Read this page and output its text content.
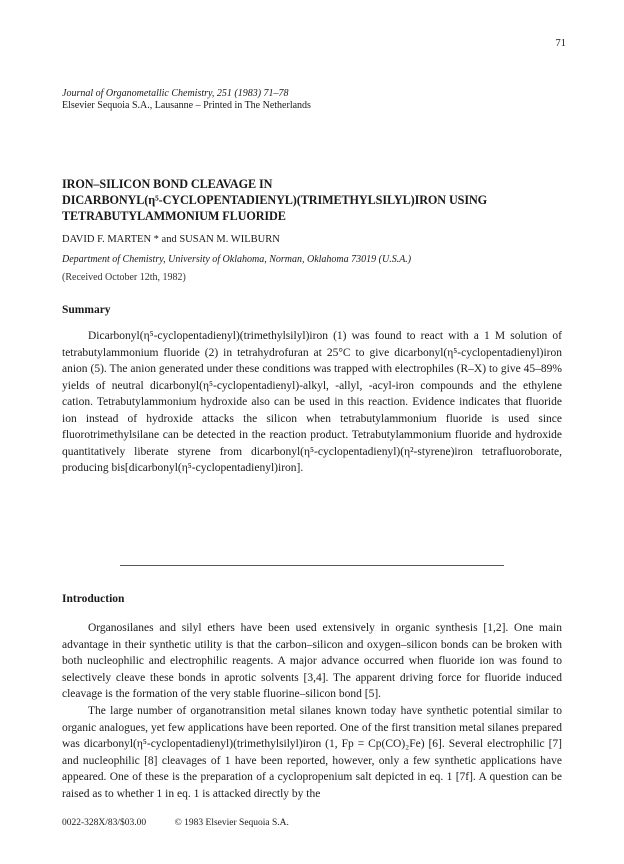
71
Journal of Organometallic Chemistry, 251 (1983) 71–78
Elsevier Sequoia S.A., Lausanne – Printed in The Netherlands
IRON–SILICON BOND CLEAVAGE IN
DICARBONYL(η⁵-CYCLOPENTADIENYL)(TRIMETHYLSILYL)IRON USING
TETRABUTYLAMMONIUM FLUORIDE
DAVID F. MARTEN * and SUSAN M. WILBURN
Department of Chemistry, University of Oklahoma, Norman, Oklahoma 73019 (U.S.A.)
(Received October 12th, 1982)
Summary

Dicarbonyl(η⁵-cyclopentadienyl)(trimethylsilyl)iron (1) was found to react with a 1 M solution of tetrabutylammonium fluoride (2) in tetrahydrofuran at 25°C to give dicarbonyl(η⁵-cyclopentadienyl)iron anion (5). The anion generated under these conditions was trapped with electrophiles (R–X) to give 45–89% yields of neutral dicarbonyl(η⁵-cyclopentadienyl)-alkyl, -allyl, -acyl-iron compounds and the ethylene cation. Tetrabutylammonium hydroxide also can be used in this reaction. Evidence indicates that fluoride ion instead of hydroxide attacks the silicon when tetrabutylammonium fluoride is used since fluorotrimethylsilane can be detected in the reaction product. Tetrabutylammonium fluoride and hydroxide quantitatively liberate styrene from dicarbonyl(η⁵-cyclopentadienyl)(η²-styrene)iron tetrafluoroborate, producing bis[dicarbonyl(η⁵-cyclopentadienyl)iron].

Introduction

Organosilanes and silyl ethers have been used extensively in organic synthesis [1,2]. One main advantage in their synthetic utility is that the carbon–silicon and oxygen–silicon bonds can be broken with both nucleophilic and electrophilic reagents. A major advance occurred when fluoride ion was found to selectively cleave these bonds in aprotic solvents [3,4]. The apparent driving force for fluoride induced cleavage is the formation of the very stable fluorine–silicon bond [5].

The large number of organotransition metal silanes known today have synthetic potential similar to organic analogues, yet few applications have been reported. One of the first transition metal silanes prepared was dicarbonyl(η⁵-cyclopentadienyl)(trimethylsilyl)iron (1, Fp = Cp(CO)₂Fe) [6]. Several electrophilic [7] and nucleophilic [8] cleavages of 1 have been reported, however, only a few synthetic applications have appeared. One of these is the preparation of a cyclopropenium salt depicted in eq. 1 [7f]. A question can be raised as to whether 1 in eq. 1 is attacked directly by the

0022-328X/83/$03.00	© 1983 Elsevier Sequoia S.A.
